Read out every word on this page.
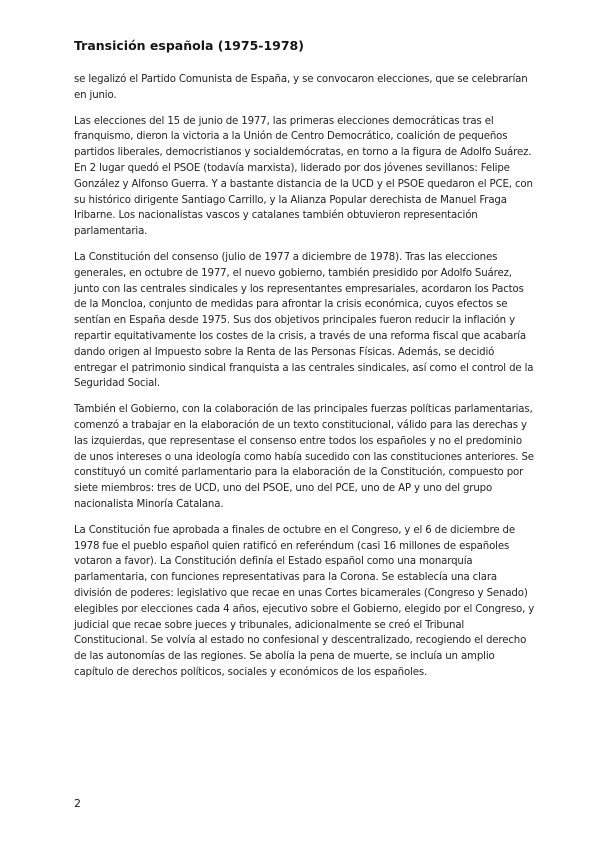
Transición española (1975-1978)

se legalizó el Partido Comunista de España, y se convocaron elecciones, que se celebrarían en junio.

Las elecciones del 15 de junio de 1977, las primeras elecciones democráticas tras el franquismo, dieron la victoria a la Unión de Centro Democrático, coalición de pequeños partidos liberales, democristianos y socialdemócratas, en torno a la figura de Adolfo Suárez. En 2 lugar quedó el PSOE (todavía marxista), liderado por dos jóvenes sevillanos: Felipe González y Alfonso Guerra. Y a bastante distancia de la UCD y el PSOE quedaron el PCE, con su histórico dirigente Santiago Carrillo, y la Alianza Popular derechista de Manuel Fraga Iribarne. Los nacionalistas vascos y catalanes también obtuvieron representación parlamentaria.

La Constitución del consenso (julio de 1977 a diciembre de 1978). Tras las elecciones generales, en octubre de 1977, el nuevo gobierno, también presidido por Adolfo Suárez, junto con las centrales sindicales y los representantes empresariales, acordaron los Pactos de la Moncloa, conjunto de medidas para afrontar la crisis económica, cuyos efectos se sentían en España desde 1975. Sus dos objetivos principales fueron reducir la inflación y repartir equitativamente los costes de la crisis, a través de una reforma fiscal que acabaría dando origen al Impuesto sobre la Renta de las Personas Físicas. Además, se decidió entregar el patrimonio sindical franquista a las centrales sindicales, así como el control de la Seguridad Social.

También el Gobierno, con la colaboración de las principales fuerzas políticas parlamentarias, comenzó a trabajar en la elaboración de un texto constitucional, válido para las derechas y las izquierdas, que representase el consenso entre todos los españoles y no el predominio de unos intereses o una ideología como había sucedido con las constituciones anteriores. Se constituyó un comité parlamentario para la elaboración de la Constitución, compuesto por siete miembros: tres de UCD, uno del PSOE, uno del PCE, uno de AP y uno del grupo nacionalista Minoría Catalana.

La Constitución fue aprobada a finales de octubre en el Congreso, y el 6 de diciembre de 1978 fue el pueblo español quien ratificó en referéndum (casi 16 millones de españoles votaron a favor). La Constitución definía el Estado español como una monarquía parlamentaria, con funciones representativas para la Corona. Se establecía una clara división de poderes: legislativo que recae en unas Cortes bicamerales (Congreso y Senado) elegibles por elecciones cada 4 años, ejecutivo sobre el Gobierno, elegido por el Congreso, y judicial que recae sobre jueces y tribunales, adicionalmente se creó el Tribunal Constitucional. Se volvía al estado no confesional y descentralizado, recogiendo el derecho de las autonomías de las regiones. Se abolía la pena de muerte, se incluía un amplio capítulo de derechos políticos, sociales y económicos de los españoles.

2
